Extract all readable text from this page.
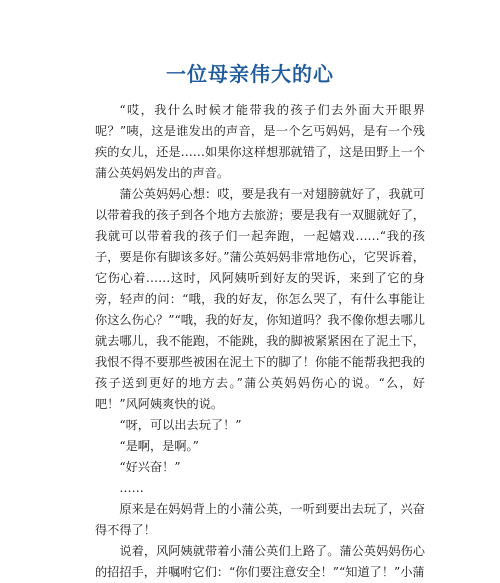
一位母亲伟大的心

“哎，我什么时候才能带我的孩子们去外面大开眼界呢？”咦，这是谁发出的声音，是一个乞丐妈妈，是有一个残疾的女儿，还是……如果你这样想那就错了，这是田野上一个蒲公英妈妈发出的声音。

蒲公英妈妈心想：哎，要是我有一对翅膀就好了，我就可以带着我的孩子到各个地方去旅游；要是我有一双腿就好了，我就可以带着我的孩子们一起奔跑，一起嬉戏……“我的孩子，要是你有脚该多好。”蒲公英妈妈非常地伤心，它哭诉着，它伤心着……这时，风阿姨听到好友的哭诉，来到了它的身旁，轻声的问：“哦，我的好友，你怎么哭了，有什么事能让你这么伤心？”“哦，我的好友，你知道吗？我不像你想去哪儿就去哪儿，我不能跑，不能跳，我的脚被紧紧困在了泥土下，我恨不得不要那些被困在泥土下的脚了！你能不能帮我把我的孩子送到更好的地方去。”蒲公英妈妈伤心的说。“么，好吧！”风阿姨爽快的说。

“呀，可以出去玩了！”

“是啊，是啊。”

“好兴奋！”

……

原来是在妈妈背上的小蒲公英，一听到要出去玩了，兴奋得不得了！

说着，风阿姨就带着小蒲公英们上路了。蒲公英妈妈伤心的招招手，并嘱咐它们：“你们要注意安全！”“知道了！”小蒲
